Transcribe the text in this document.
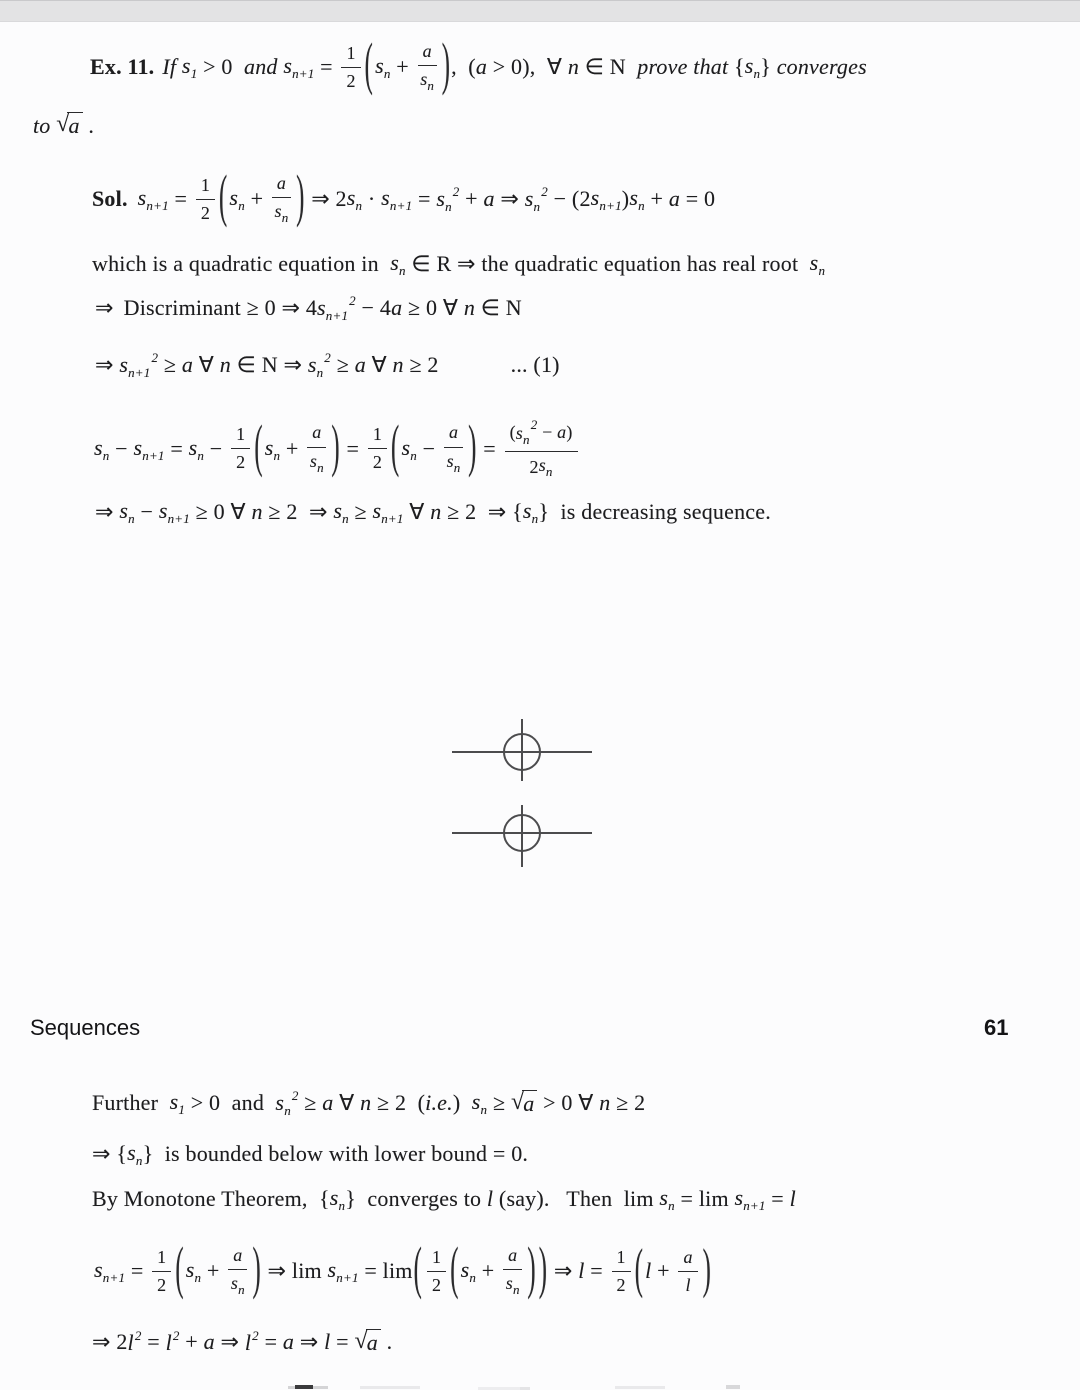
Ex. 11. If $s_1 > 0$ and $s_{n+1} = \frac{1}{2}$ ( $s_n + \frac{a}{s_n}$ ) ,  ( a > 0),  ∀ n ∈ N prove that { $s_n$ } converges
to √ a .
Sol. $s_{n+1} = \frac{1}{2}$ ( $s_n + \frac{a}{s_n}$ ) ⇒ 2 $s_n \cdot s_{n+1} = s_n^2 + a$ ⇒ $s_n^2 - (2$ $s_{n+1}$ ) $s_n + a = 0$
which is a quadratic equation in $s_n$ ∈ R ⇒ the quadratic equation has real root $s_n$
⇒ Discriminant ≥ 0 ⇒ 4 $s_{n+1}^2 - 4$ a ≥ 0 ∀ n ∈ N
⇒ $s_{n+1}^2 \ge a$ ∀ n ∈ N ⇒ $s_n^2 \ge a$ ∀ n ≥ 2	... (1)
$s_n - s_{n+1} = s_n - \frac{1}{2}$ ( $s_n + \frac{a}{s_n}$ ) = $\frac{1}{2}$ ( $s_n - \frac{a}{s_n}$ ) = $\frac{( s_n^2 - a )}{2 s_n}$
⇒ $s_n - s_{n+1} \ge 0$ ∀ n ≥ 2  ⇒ $s_n \ge s_{n+1}$ ∀ n ≥ 2  ⇒ { $s_n$ }  is decreasing sequence.
Sequences	61
Further $s_1 > 0$  and $s_n^2 \ge a$ ∀ n ≥ 2  ( i.e. ) $s_n$ ≥ √ a > 0 ∀ n ≥ 2
⇒ { $s_n$ }  is bounded below with lower bound = 0.
By Monotone Theorem,  { $s_n$ }  converges to l (say).   Then  $\lim s_n = \lim s_{n+1} = l$
$s_{n+1} = \frac{1}{2}$ ( $s_n + \frac{a}{s_n}$ ) ⇒ $\lim s_{n+1} = \lim$ ( $\frac{1}{2}$ ( $s_n + \frac{a}{s_n}$ ) ) ⇒ $l = \frac{1}{2}$ ( $l + \frac{a}{l}$ )
⇒ 2 $l^2 = l^2 + a$ ⇒ $l^2 = a$ ⇒ l = √ a .
